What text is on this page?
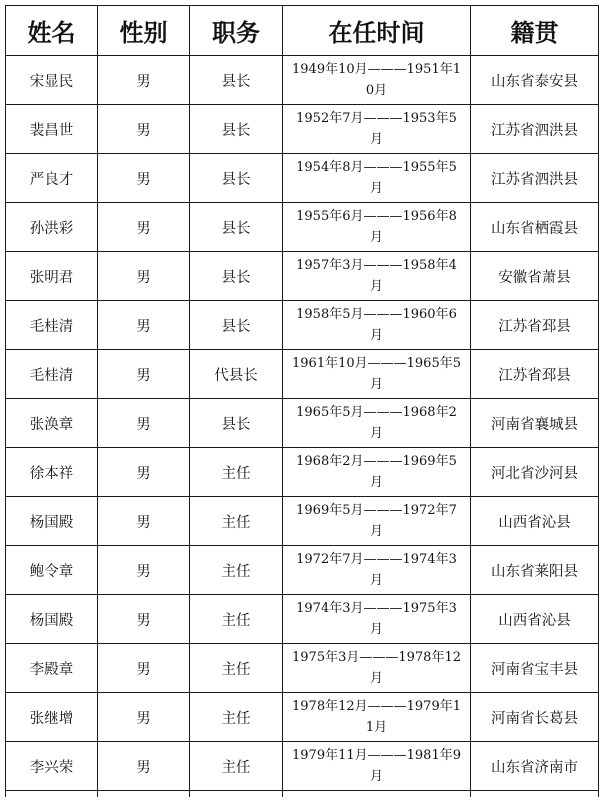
姓名	性别	职务	在任时间	籍贯
宋显民	男	县长	1949年10月———1951年10月	山东省泰安县
裴昌世	男	县长	1952年7月———1953年5月	江苏省泗洪县
严良才	男	县长	1954年8月———1955年5月	江苏省泗洪县
孙洪彩	男	县长	1955年6月———1956年8月	山东省栖霞县
张明君	男	县长	1957年3月———1958年4月	安徽省萧县
毛桂清	男	县长	1958年5月———1960年6月	江苏省邳县
毛桂清	男	代县长	1961年10月———1965年5月	江苏省邳县
张涣章	男	县长	1965年5月———1968年2月	河南省襄城县
徐本祥	男	主任	1968年2月———1969年5月	河北省沙河县
杨国殿	男	主任	1969年5月———1972年7月	山西省沁县
鲍令章	男	主任	1972年7月———1974年3月	山东省莱阳县
杨国殿	男	主任	1974年3月———1975年3月	山西省沁县
李殿章	男	主任	1975年3月———1978年12月	河南省宝丰县
张继增	男	主任	1978年12月———1979年11月	河南省长葛县
李兴荣	男	主任	1979年11月———1981年9月	山东省济南市
